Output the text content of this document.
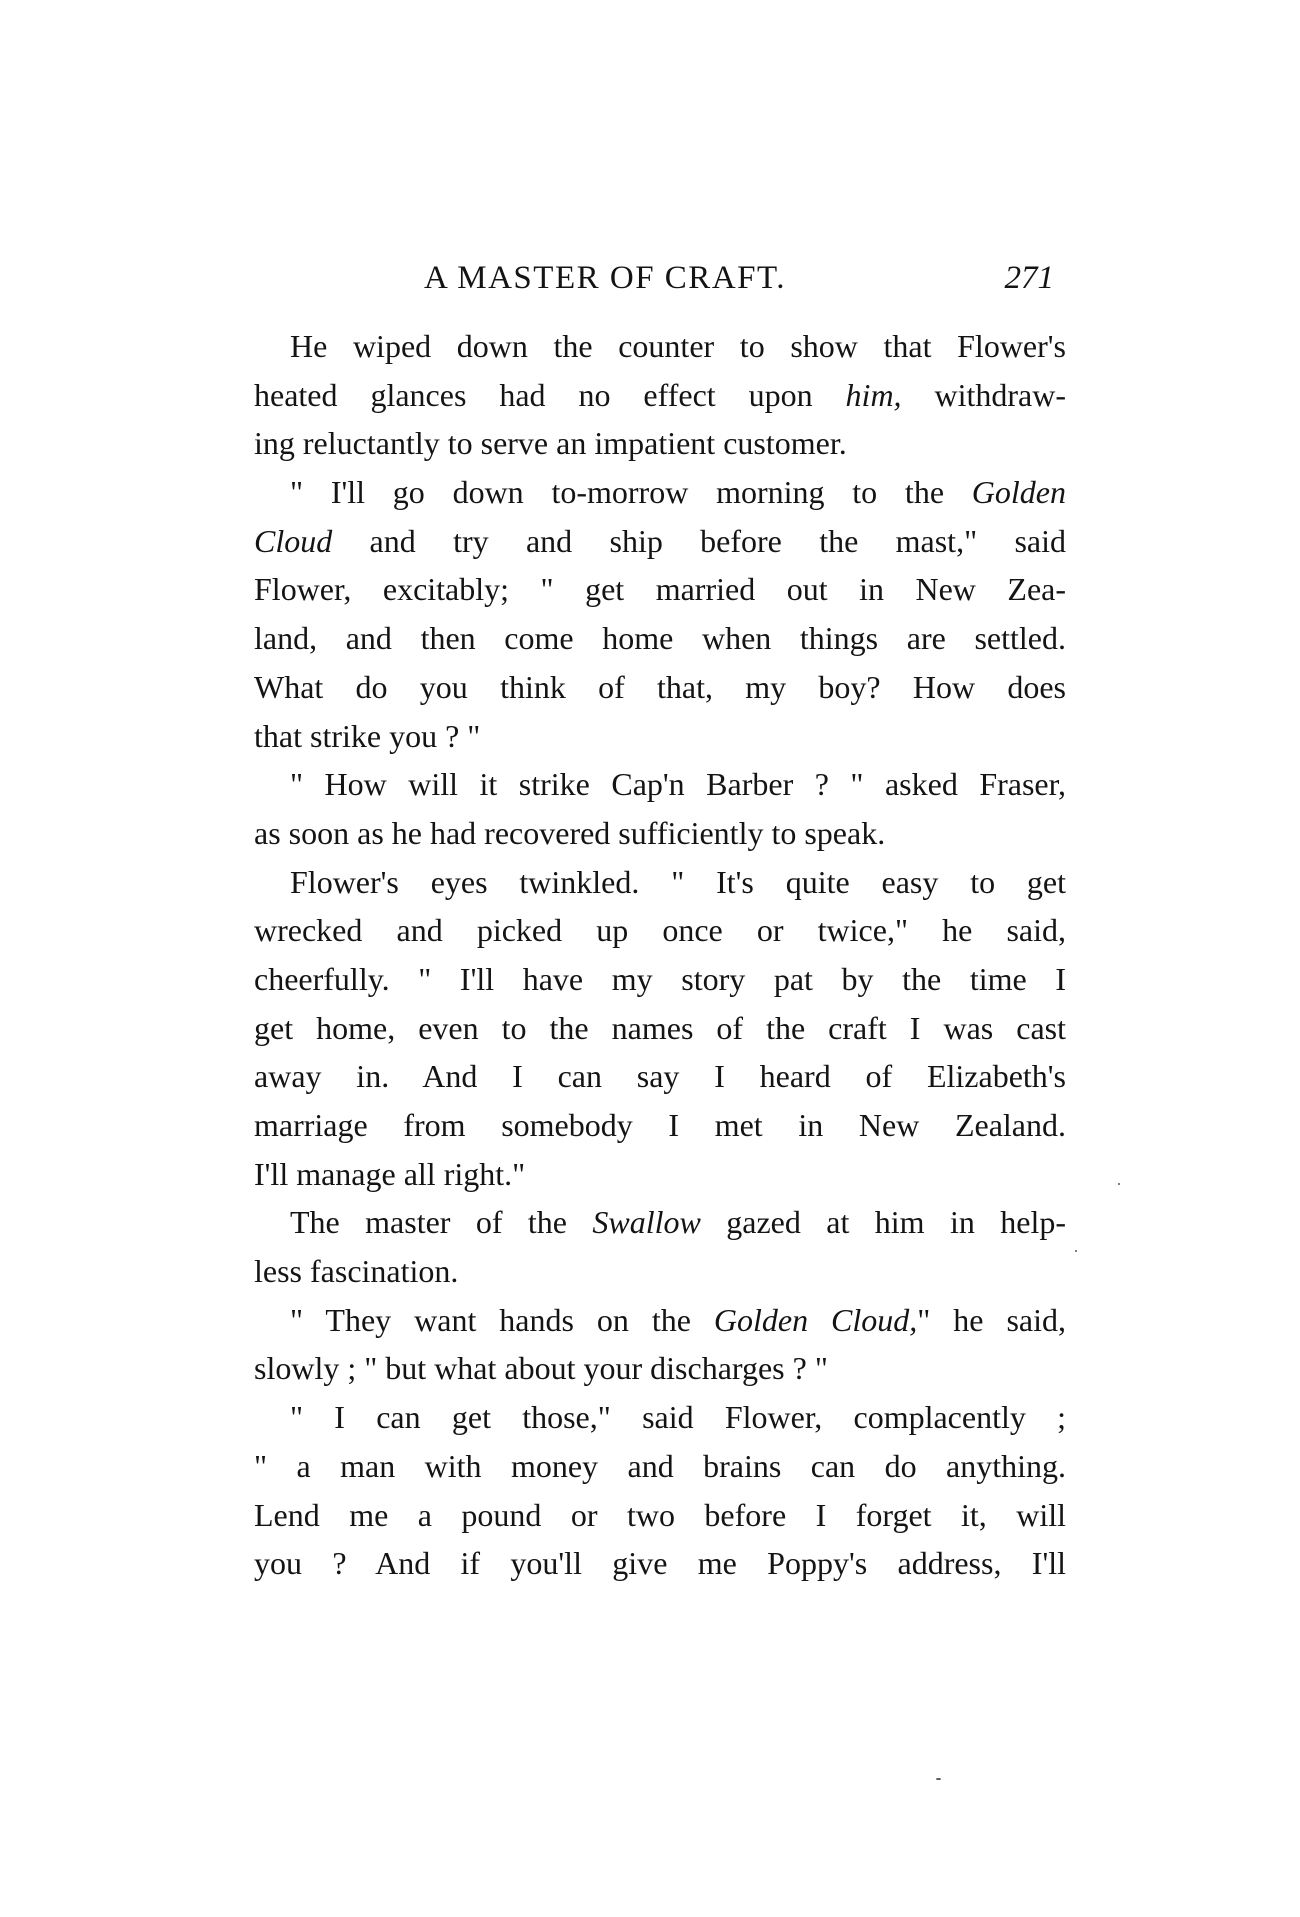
A MASTER OF CRAFT.	271
He wiped down the counter to show that Flower's
heated glances had no effect upon him, withdraw-
ing reluctantly to serve an impatient customer.
" I'll go down to-morrow morning to the Golden
Cloud and try and ship before the mast," said
Flower, excitably; " get married out in New Zea-
land, and then come home when things are settled.
What do you think of that, my boy? How does
that strike you ? "
" How will it strike Cap'n Barber ? " asked Fraser,
as soon as he had recovered sufficiently to speak.
Flower's eyes twinkled. " It's quite easy to get
wrecked and picked up once or twice," he said,
cheerfully. " I'll have my story pat by the time I
get home, even to the names of the craft I was cast
away in. And I can say I heard of Elizabeth's
marriage from somebody I met in New Zealand.
I'll manage all right."
The master of the Swallow gazed at him in help-
less fascination.
" They want hands on the Golden Cloud," he said,
slowly ; " but what about your discharges ? "
" I can get those," said Flower, complacently ;
" a man with money and brains can do anything.
Lend me a pound or two before I forget it, will
you ? And if you'll give me Poppy's address, I'll
